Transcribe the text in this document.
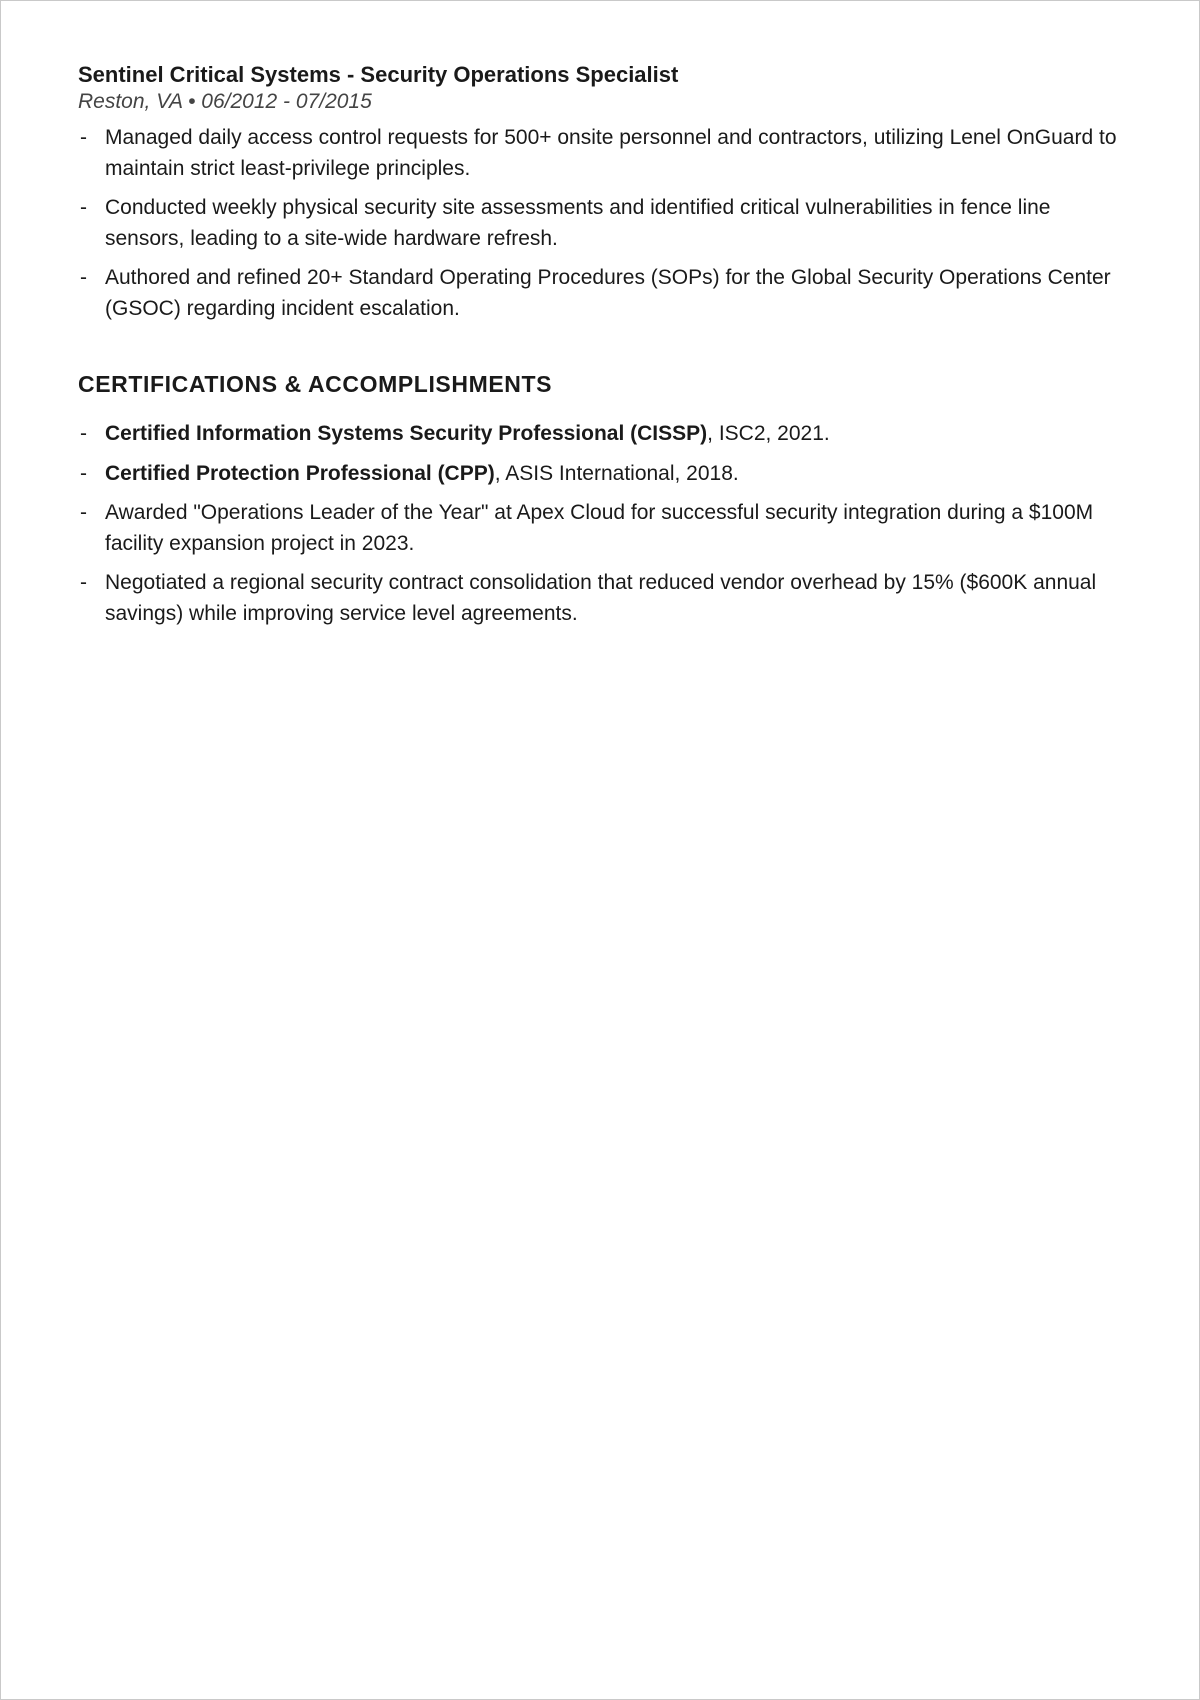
Sentinel Critical Systems - Security Operations Specialist
Reston, VA • 06/2012 - 07/2015
- Managed daily access control requests for 500+ onsite personnel and contractors, utilizing Lenel OnGuard to maintain strict least-privilege principles.
- Conducted weekly physical security site assessments and identified critical vulnerabilities in fence line sensors, leading to a site-wide hardware refresh.
- Authored and refined 20+ Standard Operating Procedures (SOPs) for the Global Security Operations Center (GSOC) regarding incident escalation.
CERTIFICATIONS & ACCOMPLISHMENTS
- Certified Information Systems Security Professional (CISSP), ISC2, 2021.
- Certified Protection Professional (CPP), ASIS International, 2018.
- Awarded "Operations Leader of the Year" at Apex Cloud for successful security integration during a $100M facility expansion project in 2023.
- Negotiated a regional security contract consolidation that reduced vendor overhead by 15% ($600K annual savings) while improving service level agreements.
